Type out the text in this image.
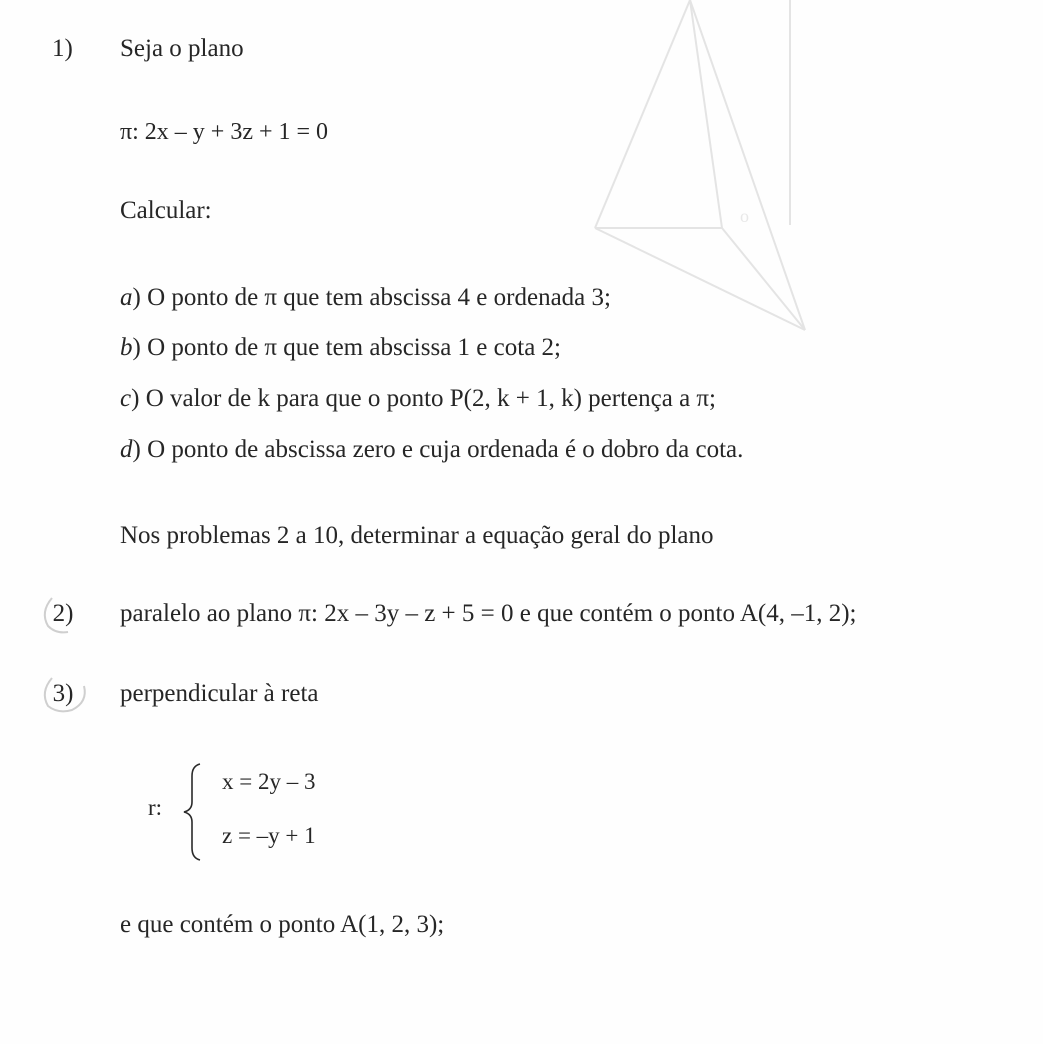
o
1) Seja o plano
π: 2x – y + 3z + 1 = 0
Calcular:
a) O ponto de π que tem abscissa 4 e ordenada 3;
b) O ponto de π que tem abscissa 1 e cota 2;
c) O valor de k para que o ponto P(2, k + 1, k) pertença a π;
d) O ponto de abscissa zero e cuja ordenada é o dobro da cota.
Nos problemas 2 a 10, determinar a equação geral do plano
2)	paralelo ao plano π: 2x – 3y – z + 5 = 0 e que contém o ponto A(4, –1, 2);
3)	perpendicular à reta
r:
x = 2y – 3
z = –y + 1
e que contém o ponto A(1, 2, 3);
